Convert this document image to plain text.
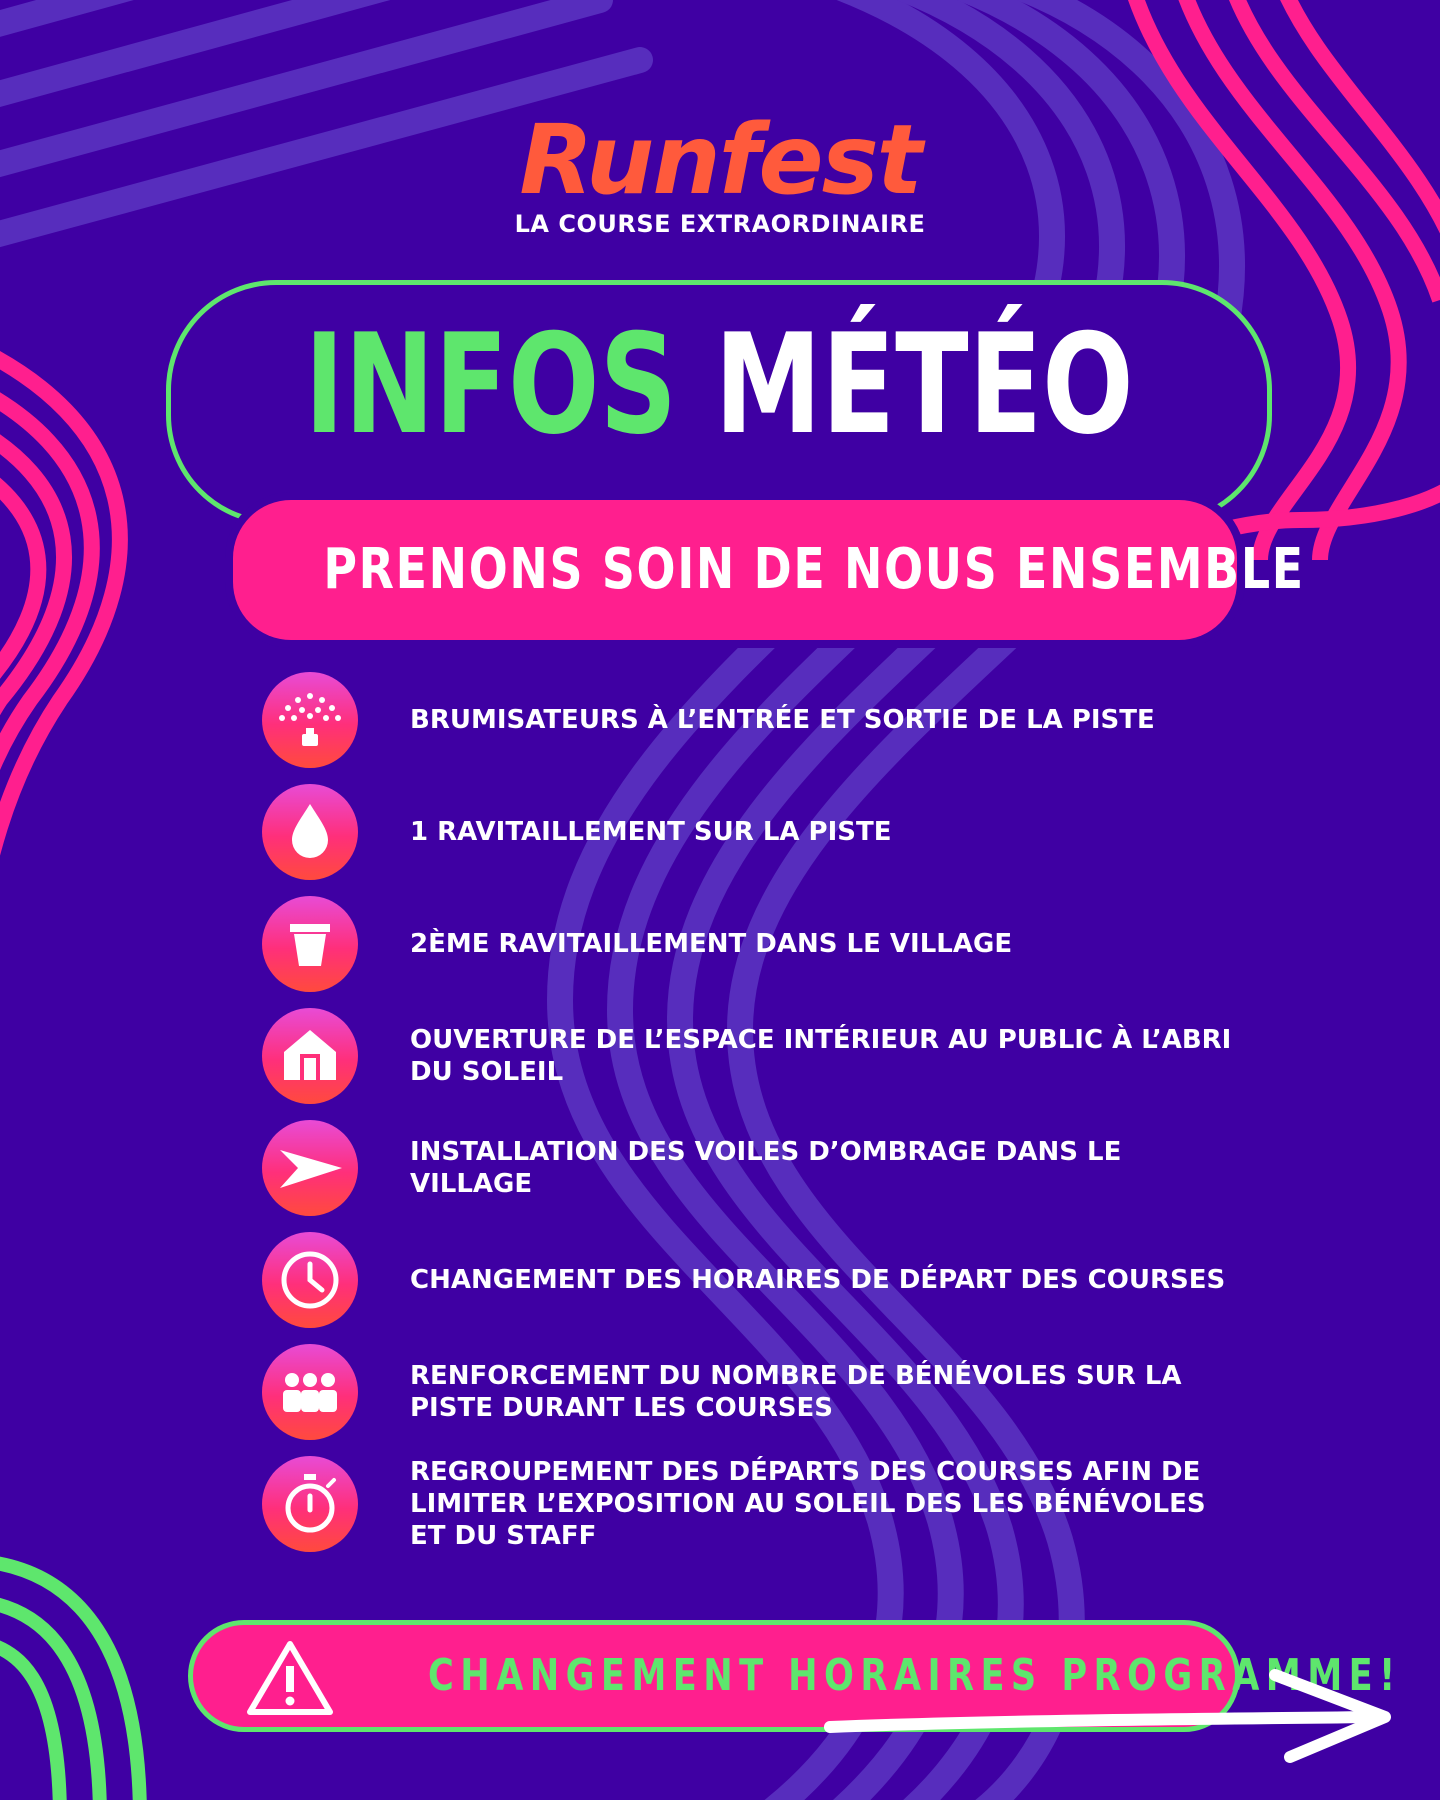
Runfest
LA COURSE EXTRAORDINAIRE
INFOS MÉTÉO
PRENONS SOIN DE NOUS ENSEMBLE
BRUMISATEURS À L’ENTRÉE ET SORTIE DE LA PISTE
1 RAVITAILLEMENT SUR LA PISTE
2ÈME RAVITAILLEMENT DANS LE VILLAGE
OUVERTURE DE L’ESPACE INTÉRIEUR AU PUBLIC À L’ABRI DU SOLEIL
INSTALLATION DES VOILES D’OMBRAGE DANS LE VILLAGE
CHANGEMENT DES HORAIRES DE DÉPART DES COURSES
RENFORCEMENT DU NOMBRE DE BÉNÉVOLES SUR LA PISTE DURANT LES COURSES
REGROUPEMENT DES DÉPARTS DES COURSES AFIN DE LIMITER L’EXPOSITION AU SOLEIL DES LES BÉNÉVOLES ET DU STAFF
CHANGEMENT HORAIRES PROGRAMME!
